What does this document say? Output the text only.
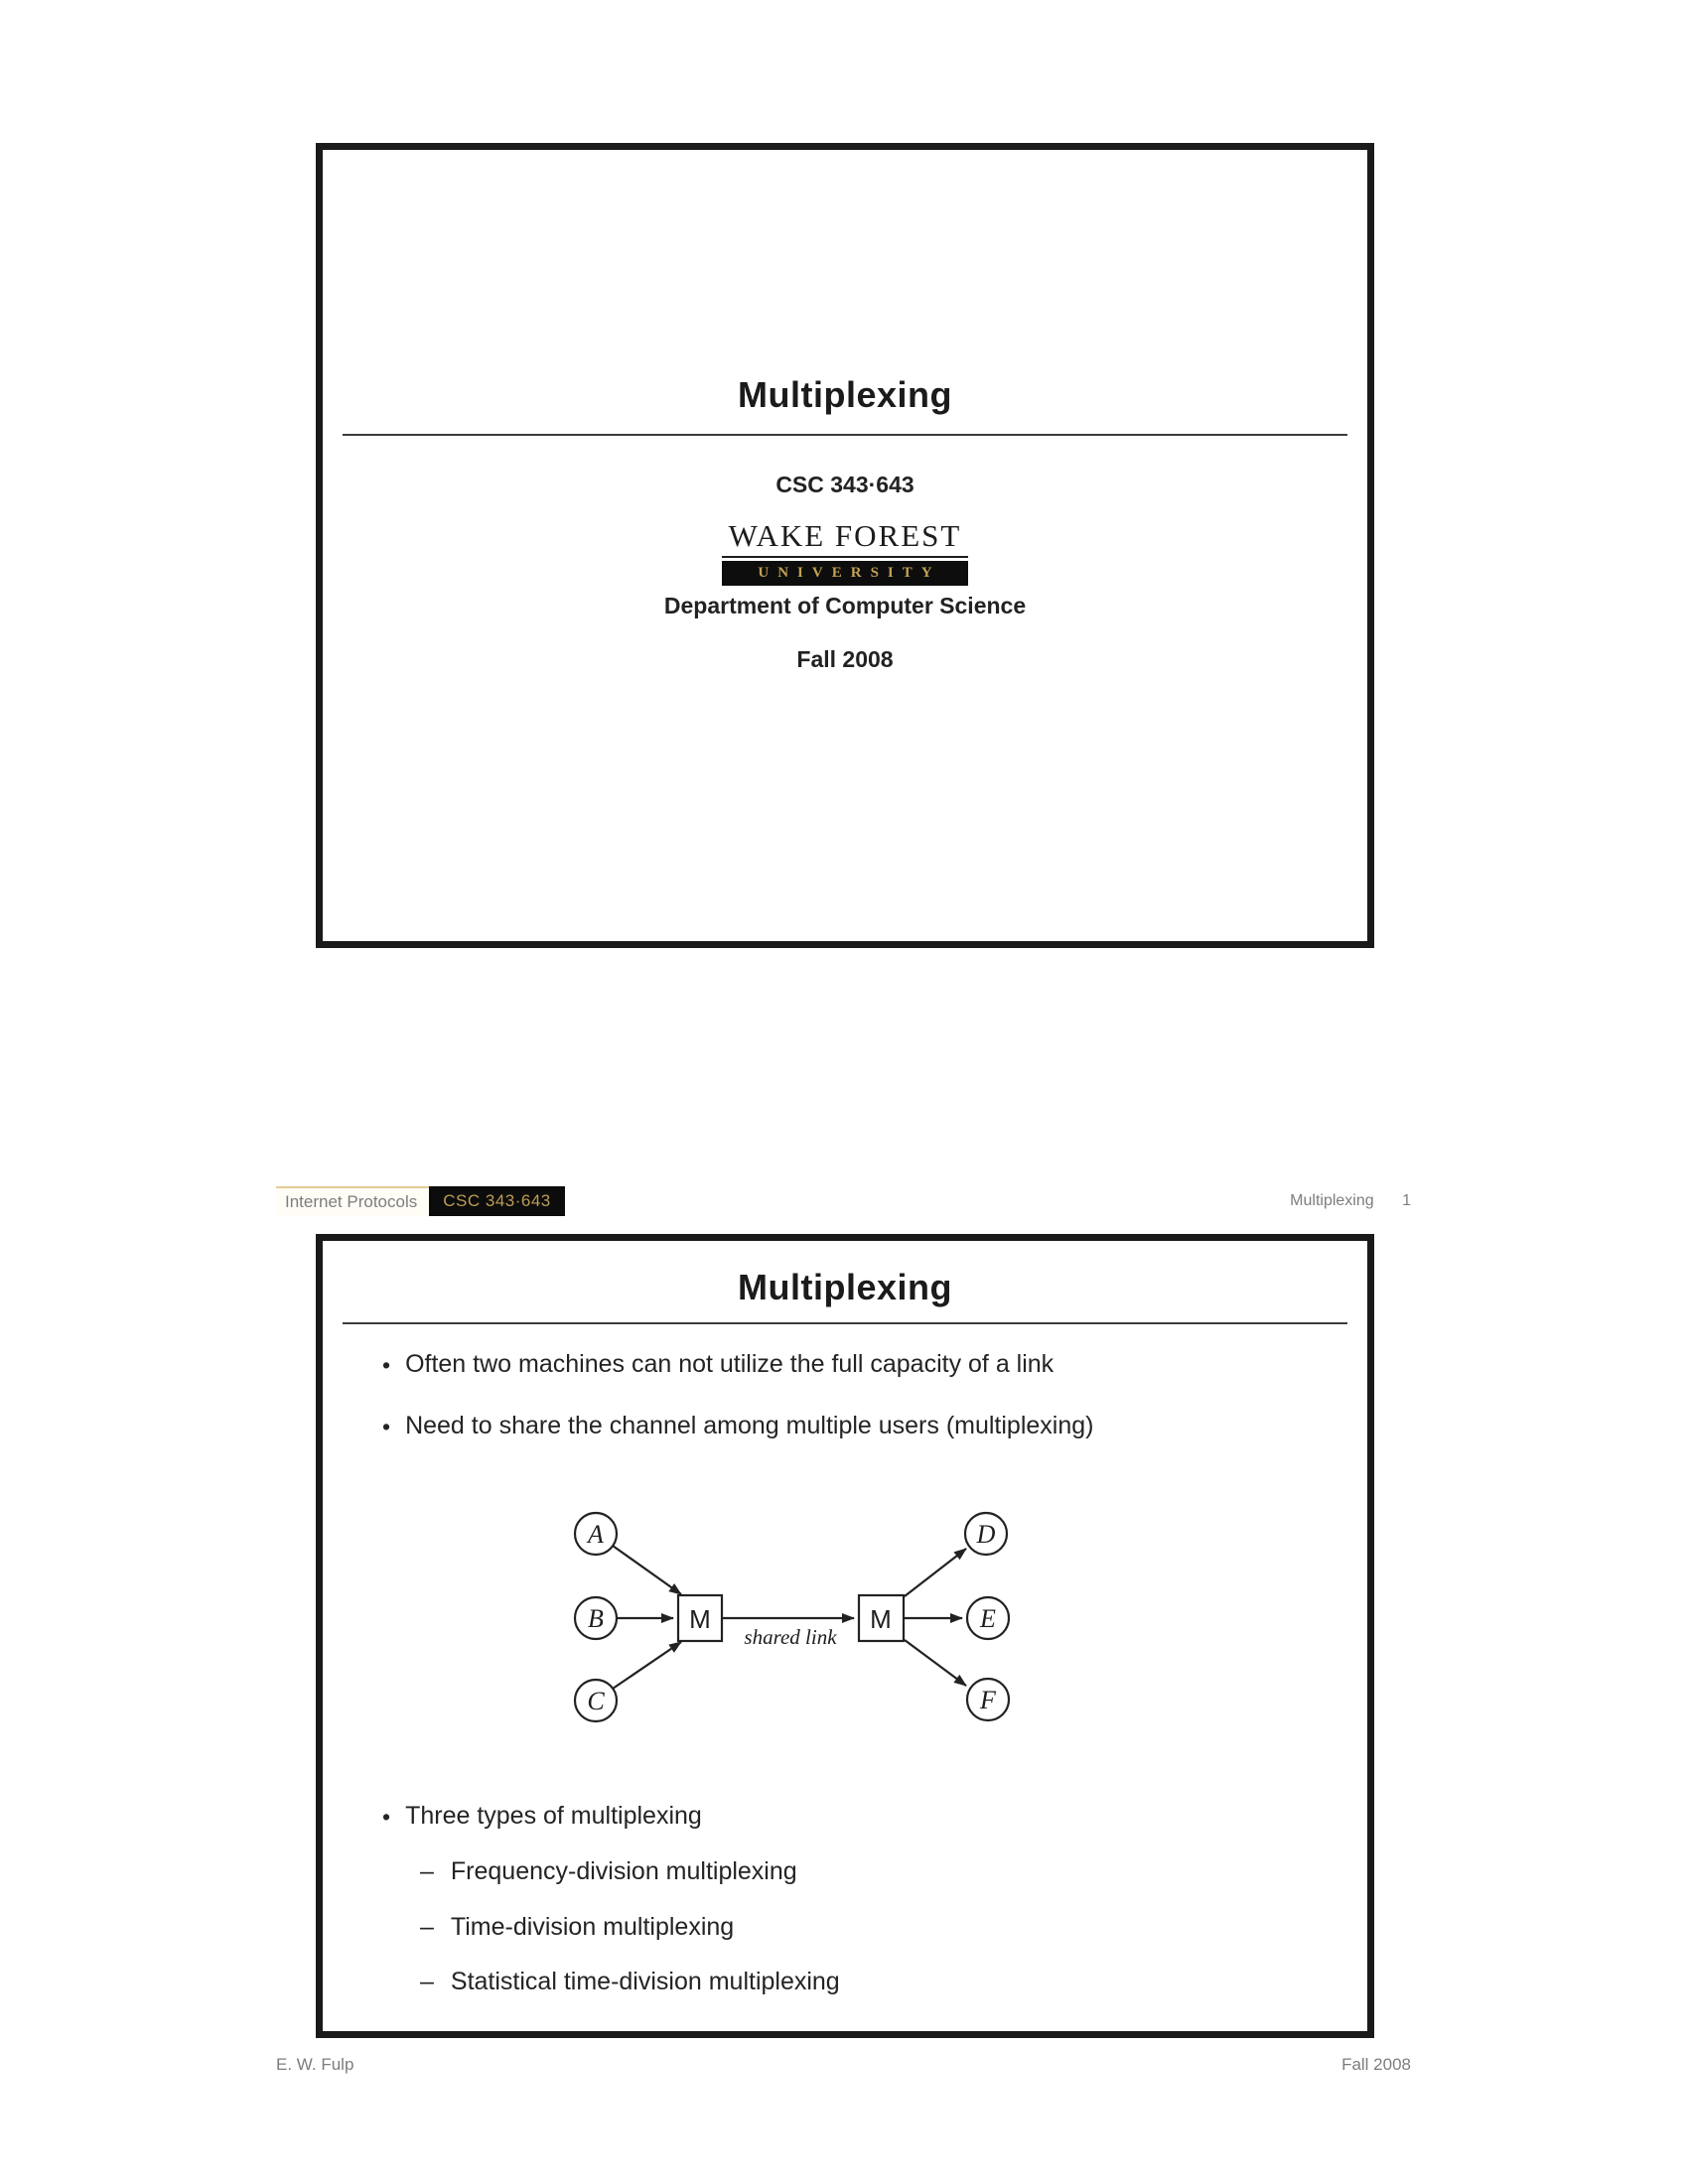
Internet Protocols	CSC 343·643	Multiplexing 1
Multiplexing
CSC 343·643
WAKE FOREST
UNIVERSITY
Department of Computer Science
Fall 2008
Multiplexing
• Often two machines can not utilize the full capacity of a link
• Need to share the channel among multiple users (multiplexing)
A
B
C
D
E
F
M	M
shared link
• Three types of multiplexing
– Frequency-division multiplexing
– Time-division multiplexing
– Statistical time-division multiplexing
E. W. Fulp	Fall 2008
